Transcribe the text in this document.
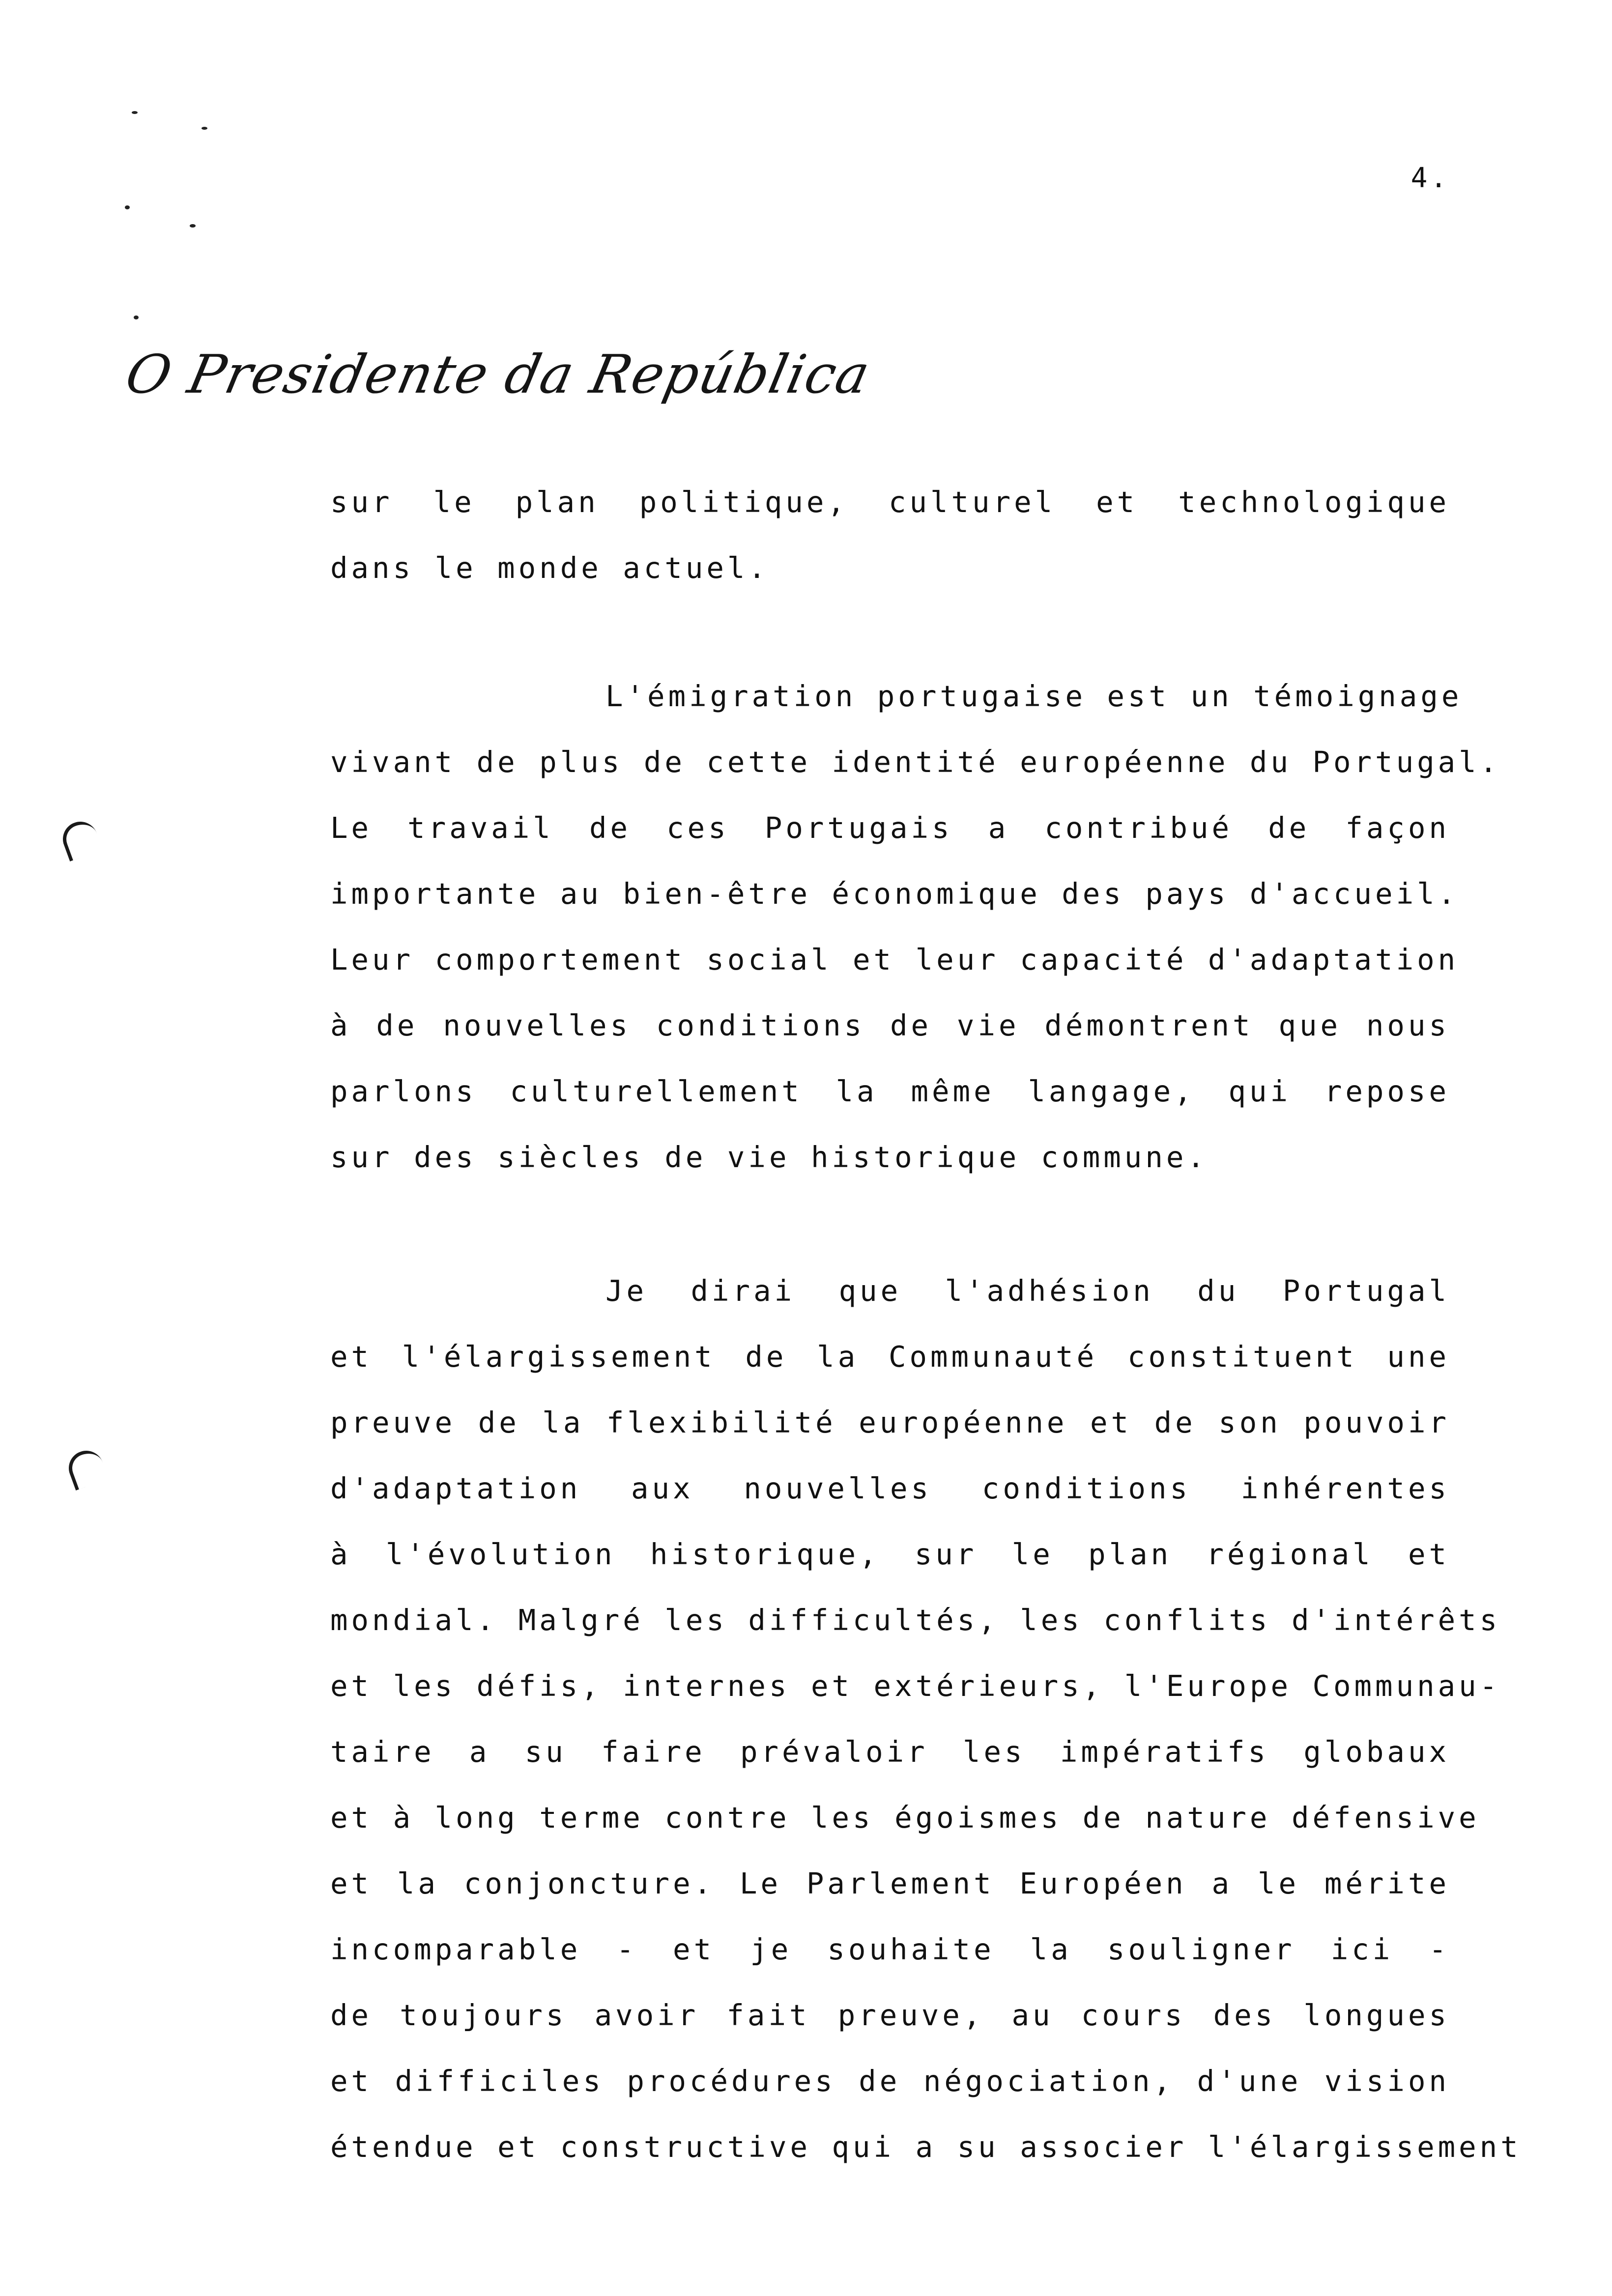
4.
O Presidente da República
sur le plan politique, culturel et technologique
dans le monde actuel.
L'émigration portugaise est un témoignage
vivant de plus de cette identité européenne du Portugal.
Le travail de ces Portugais a contribué de façon
importante au bien-être économique des pays d'accueil.
Leur comportement social et leur capacité d'adaptation
à de nouvelles conditions de vie démontrent que nous
parlons culturellement la même langage, qui repose
sur des siècles de vie historique commune.
Je dirai que l'adhésion du Portugal
et l'élargissement de la Communauté constituent une
preuve de la flexibilité européenne et de son pouvoir
d'adaptation aux nouvelles conditions inhérentes
à l'évolution historique, sur le plan régional et
mondial. Malgré les difficultés, les conflits d'intérêts
et les défis, internes et extérieurs, l'Europe Communau-
taire a su faire prévaloir les impératifs globaux
et à long terme contre les égoismes de nature défensive
et la conjoncture. Le Parlement Européen a le mérite
incomparable - et je souhaite la souligner ici -
de toujours avoir fait preuve, au cours des longues
et difficiles procédures de négociation, d'une vision
étendue et constructive qui a su associer l'élargissement
